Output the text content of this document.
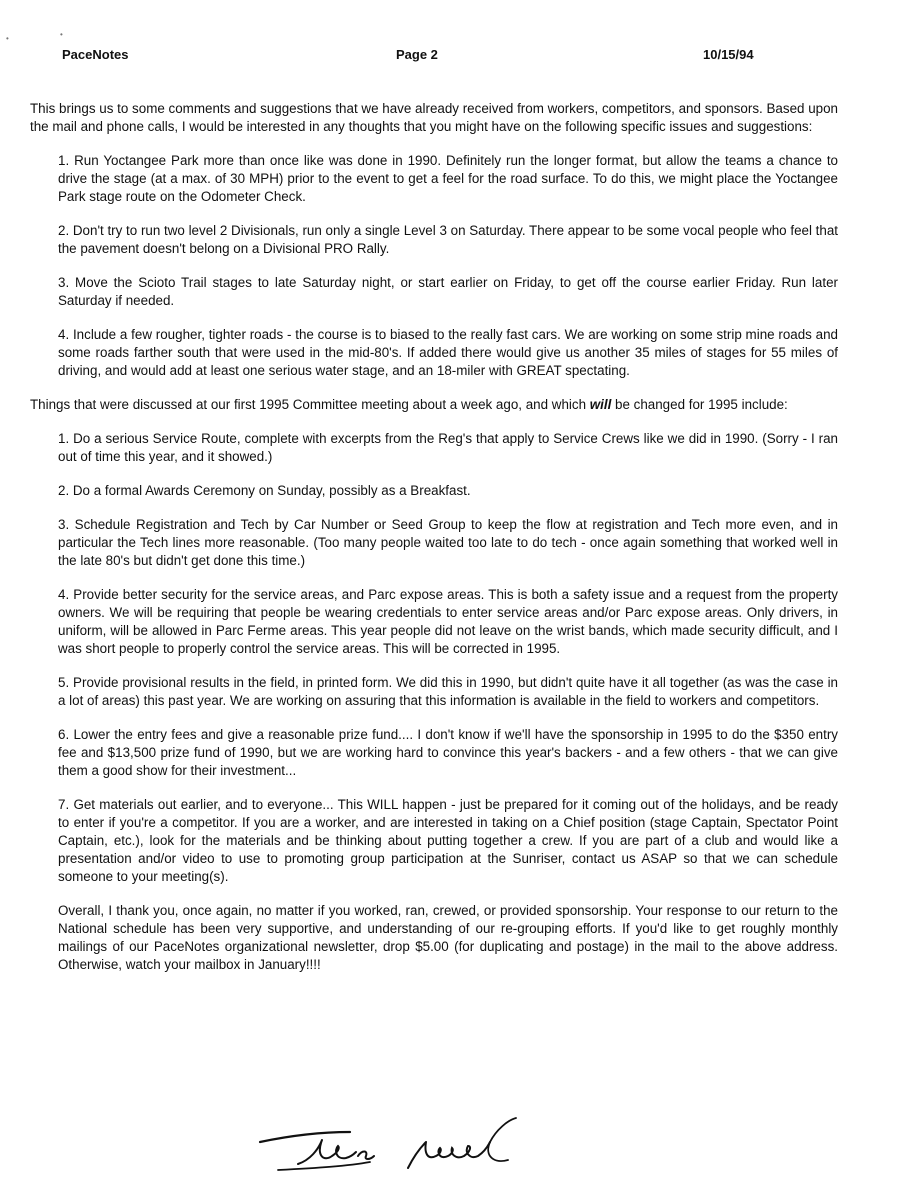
•	•
PaceNotes	Page 2	10/15/94

This brings us to some comments and suggestions that we have already received from workers, competitors, and sponsors. Based upon the mail and phone calls, I would be interested in any thoughts that you might have on the following specific issues and suggestions:

1. Run Yoctangee Park more than once like was done in 1990. Definitely run the longer format, but allow the teams a chance to drive the stage (at a max. of 30 MPH) prior to the event to get a feel for the road surface. To do this, we might place the Yoctangee Park stage route on the Odometer Check.

2. Don't try to run two level 2 Divisionals, run only a single Level 3 on Saturday. There appear to be some vocal people who feel that the pavement doesn't belong on a Divisional PRO Rally.

3. Move the Scioto Trail stages to late Saturday night, or start earlier on Friday, to get off the course earlier Friday. Run later Saturday if needed.

4. Include a few rougher, tighter roads - the course is to biased to the really fast cars. We are working on some strip mine roads and some roads farther south that were used in the mid-80's. If added there would give us another 35 miles of stages for 55 miles of driving, and would add at least one serious water stage, and an 18-miler with GREAT spectating.

Things that were discussed at our first 1995 Committee meeting about a week ago, and which will be changed for 1995 include:

1. Do a serious Service Route, complete with excerpts from the Reg's that apply to Service Crews like we did in 1990. (Sorry - I ran out of time this year, and it showed.)

2. Do a formal Awards Ceremony on Sunday, possibly as a Breakfast.

3. Schedule Registration and Tech by Car Number or Seed Group to keep the flow at registration and Tech more even, and in particular the Tech lines more reasonable. (Too many people waited too late to do tech - once again something that worked well in the late 80's but didn't get done this time.)

4. Provide better security for the service areas, and Parc expose areas. This is both a safety issue and a request from the property owners. We will be requiring that people be wearing credentials to enter service areas and/or Parc expose areas. Only drivers, in uniform, will be allowed in Parc Ferme areas. This year people did not leave on the wrist bands, which made security difficult, and I was short people to properly control the service areas. This will be corrected in 1995.

5. Provide provisional results in the field, in printed form. We did this in 1990, but didn't quite have it all together (as was the case in a lot of areas) this past year. We are working on assuring that this information is available in the field to workers and competitors.

6. Lower the entry fees and give a reasonable prize fund.... I don't know if we'll have the sponsorship in 1995 to do the $350 entry fee and $13,500 prize fund of 1990, but we are working hard to convince this year's backers - and a few others - that we can give them a good show for their investment...

7. Get materials out earlier, and to everyone... This WILL happen - just be prepared for it coming out of the holidays, and be ready to enter if you're a competitor. If you are a worker, and are interested in taking on a Chief position (stage Captain, Spectator Point Captain, etc.), look for the materials and be thinking about putting together a crew. If you are part of a club and would like a presentation and/or video to use to promoting group participation at the Sunriser, contact us ASAP so that we can schedule someone to your meeting(s).

Overall, I thank you, once again, no matter if you worked, ran, crewed, or provided sponsorship. Your response to our return to the National schedule has been very supportive, and understanding of our re-grouping efforts. If you'd like to get roughly monthly mailings of our PaceNotes organizational newsletter, drop $5.00 (for duplicating and postage) in the mail to the above address. Otherwise, watch your mailbox in January!!!!
